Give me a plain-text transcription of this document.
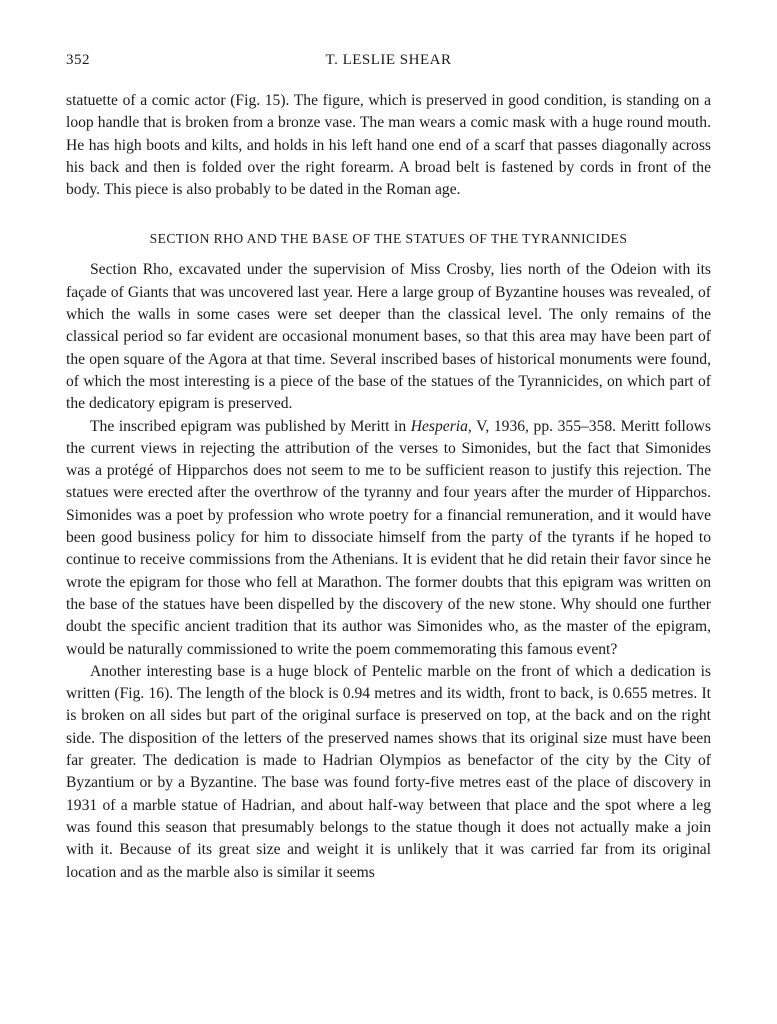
352	T. LESLIE SHEAR

statuette of a comic actor (Fig. 15). The figure, which is preserved in good condition, is standing on a loop handle that is broken from a bronze vase. The man wears a comic mask with a huge round mouth. He has high boots and kilts, and holds in his left hand one end of a scarf that passes diagonally across his back and then is folded over the right forearm. A broad belt is fastened by cords in front of the body. This piece is also probably to be dated in the Roman age.

SECTION RHO AND THE BASE OF THE STATUES OF THE TYRANNICIDES

Section Rho, excavated under the supervision of Miss Crosby, lies north of the Odeion with its façade of Giants that was uncovered last year. Here a large group of Byzantine houses was revealed, of which the walls in some cases were set deeper than the classical level. The only remains of the classical period so far evident are occasional monument bases, so that this area may have been part of the open square of the Agora at that time. Several inscribed bases of historical monuments were found, of which the most interesting is a piece of the base of the statues of the Tyrannicides, on which part of the dedicatory epigram is preserved.

The inscribed epigram was published by Meritt in Hesperia, V, 1936, pp. 355–358. Meritt follows the current views in rejecting the attribution of the verses to Simonides, but the fact that Simonides was a protégé of Hipparchos does not seem to me to be sufficient reason to justify this rejection. The statues were erected after the overthrow of the tyranny and four years after the murder of Hipparchos. Simonides was a poet by profession who wrote poetry for a financial remuneration, and it would have been good business policy for him to dissociate himself from the party of the tyrants if he hoped to continue to receive commissions from the Athenians. It is evident that he did retain their favor since he wrote the epigram for those who fell at Marathon. The former doubts that this epigram was written on the base of the statues have been dispelled by the discovery of the new stone. Why should one further doubt the specific ancient tradition that its author was Simonides who, as the master of the epigram, would be naturally commissioned to write the poem commemorating this famous event?

Another interesting base is a huge block of Pentelic marble on the front of which a dedication is written (Fig. 16). The length of the block is 0.94 metres and its width, front to back, is 0.655 metres. It is broken on all sides but part of the original surface is preserved on top, at the back and on the right side. The disposition of the letters of the preserved names shows that its original size must have been far greater. The dedication is made to Hadrian Olympios as benefactor of the city by the City of Byzantium or by a Byzantine. The base was found forty-five metres east of the place of discovery in 1931 of a marble statue of Hadrian, and about half-way between that place and the spot where a leg was found this season that presumably belongs to the statue though it does not actually make a join with it. Because of its great size and weight it is unlikely that it was carried far from its original location and as the marble also is similar it seems
